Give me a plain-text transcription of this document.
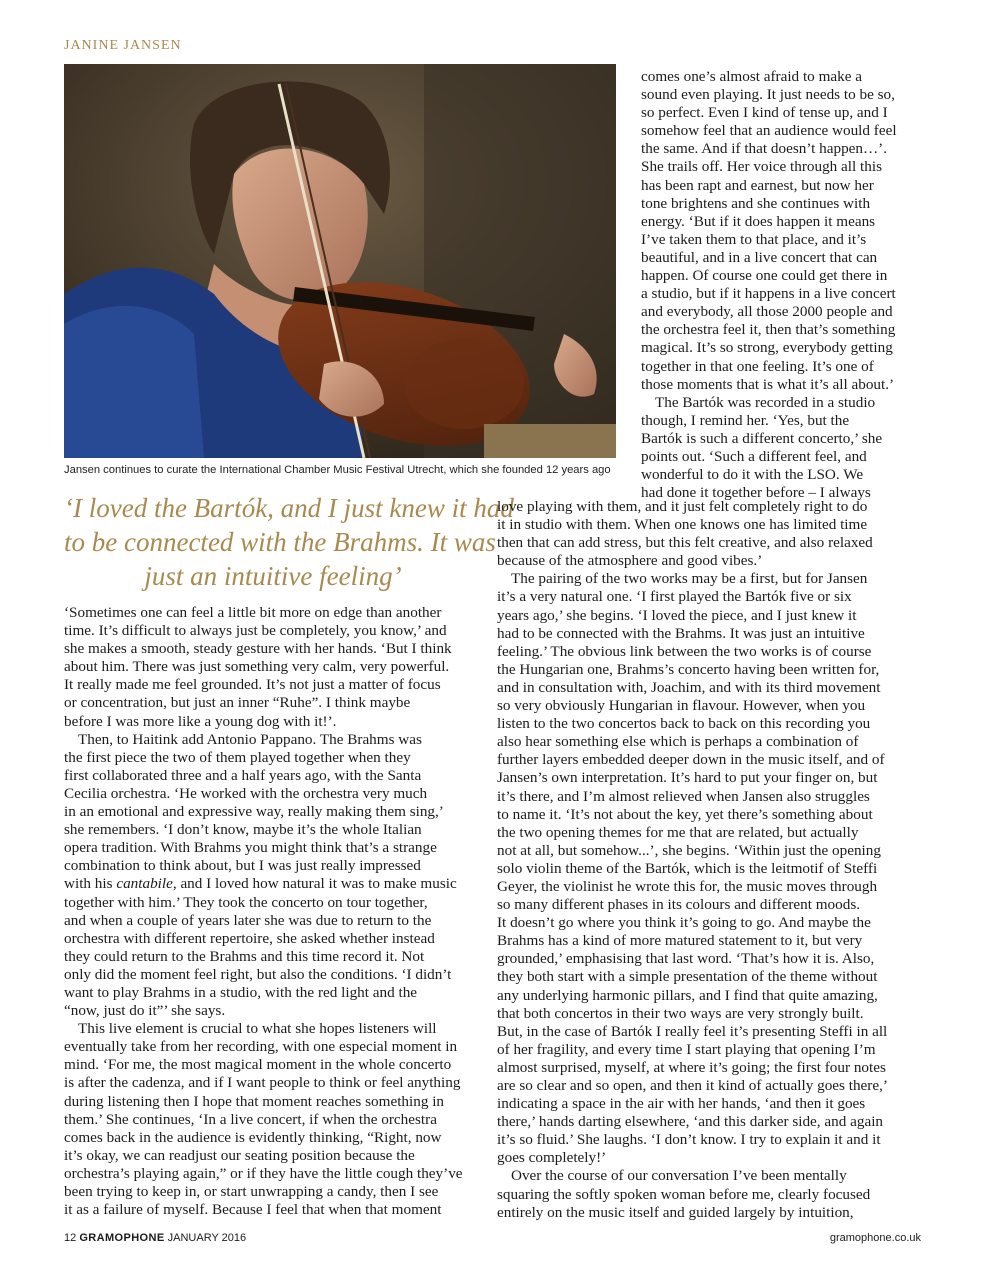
JANINE JANSEN
Jansen continues to curate the International Chamber Music Festival Utrecht, which she founded 12 years ago
‘I loved the Bartók, and I just knew it had
to be connected with the Brahms. It was
just an intuitive feeling’
comes one’s almost afraid to make a
sound even playing. It just needs to be so,
so perfect. Even I kind of tense up, and I
somehow feel that an audience would feel
the same. And if that doesn’t happen…’.
She trails off. Her voice through all this
has been rapt and earnest, but now her
tone brightens and she continues with
energy. ‘But if it does happen it means
I’ve taken them to that place, and it’s
beautiful, and in a live concert that can
happen. Of course one could get there in
a studio, but if it happens in a live concert
and everybody, all those 2000 people and
the orchestra feel it, then that’s something
magical. It’s so strong, everybody getting
together in that one feeling. It’s one of
those moments that is what it’s all about.’
The Bartók was recorded in a studio
though, I remind her. ‘Yes, but the
Bartók is such a different concerto,’ she
points out. ‘Such a different feel, and
wonderful to do it with the LSO. We
had done it together before – I always
‘Sometimes one can feel a little bit more on edge than another
time. It’s difficult to always just be completely, you know,’ and
she makes a smooth, steady gesture with her hands. ‘But I think
about him. There was just something very calm, very powerful.
It really made me feel grounded. It’s not just a matter of focus
or concentration, but just an inner “Ruhe”. I think maybe
before I was more like a young dog with it!’.
Then, to Haitink add Antonio Pappano. The Brahms was
the first piece the two of them played together when they
first collaborated three and a half years ago, with the Santa
Cecilia orchestra. ‘He worked with the orchestra very much
in an emotional and expressive way, really making them sing,’
she remembers. ‘I don’t know, maybe it’s the whole Italian
opera tradition. With Brahms you might think that’s a strange
combination to think about, but I was just really impressed
with his cantabile, and I loved how natural it was to make music
together with him.’ They took the concerto on tour together,
and when a couple of years later she was due to return to the
orchestra with different repertoire, she asked whether instead
they could return to the Brahms and this time record it. Not
only did the moment feel right, but also the conditions. ‘I didn’t
want to play Brahms in a studio, with the red light and the
“now, just do it”’ she says.
This live element is crucial to what she hopes listeners will
eventually take from her recording, with one especial moment in
mind. ‘For me, the most magical moment in the whole concerto
is after the cadenza, and if I want people to think or feel anything
during listening then I hope that moment reaches something in
them.’ She continues, ‘In a live concert, if when the orchestra
comes back in the audience is evidently thinking, “Right, now
it’s okay, we can readjust our seating position because the
orchestra’s playing again,” or if they have the little cough they’ve
been trying to keep in, or start unwrapping a candy, then I see
it as a failure of myself. Because I feel that when that moment
love playing with them, and it just felt completely right to do
it in studio with them. When one knows one has limited time
then that can add stress, but this felt creative, and also relaxed
because of the atmosphere and good vibes.’
The pairing of the two works may be a first, but for Jansen
it’s a very natural one. ‘I first played the Bartók five or six
years ago,’ she begins. ‘I loved the piece, and I just knew it
had to be connected with the Brahms. It was just an intuitive
feeling.’ The obvious link between the two works is of course
the Hungarian one, Brahms’s concerto having been written for,
and in consultation with, Joachim, and with its third movement
so very obviously Hungarian in flavour. However, when you
listen to the two concertos back to back on this recording you
also hear something else which is perhaps a combination of
further layers embedded deeper down in the music itself, and of
Jansen’s own interpretation. It’s hard to put your finger on, but
it’s there, and I’m almost relieved when Jansen also struggles
to name it. ‘It’s not about the key, yet there’s something about
the two opening themes for me that are related, but actually
not at all, but somehow...’, she begins. ‘Within just the opening
solo violin theme of the Bartók, which is the leitmotif of Steffi
Geyer, the violinist he wrote this for, the music moves through
so many different phases in its colours and different moods.
It doesn’t go where you think it’s going to go. And maybe the
Brahms has a kind of more matured statement to it, but very
grounded,’ emphasising that last word. ‘That’s how it is. Also,
they both start with a simple presentation of the theme without
any underlying harmonic pillars, and I find that quite amazing,
that both concertos in their two ways are very strongly built.
But, in the case of Bartók I really feel it’s presenting Steffi in all
of her fragility, and every time I start playing that opening I’m
almost surprised, myself, at where it’s going; the first four notes
are so clear and so open, and then it kind of actually goes there,’
indicating a space in the air with her hands, ‘and then it goes
there,’ hands darting elsewhere, ‘and this darker side, and again
it’s so fluid.’ She laughs. ‘I don’t know. I try to explain it and it
goes completely!’
Over the course of our conversation I’ve been mentally
squaring the softly spoken woman before me, clearly focused
entirely on the music itself and guided largely by intuition,
12 GRAMOPHONE JANUARY 2016	gramophone.co.uk
